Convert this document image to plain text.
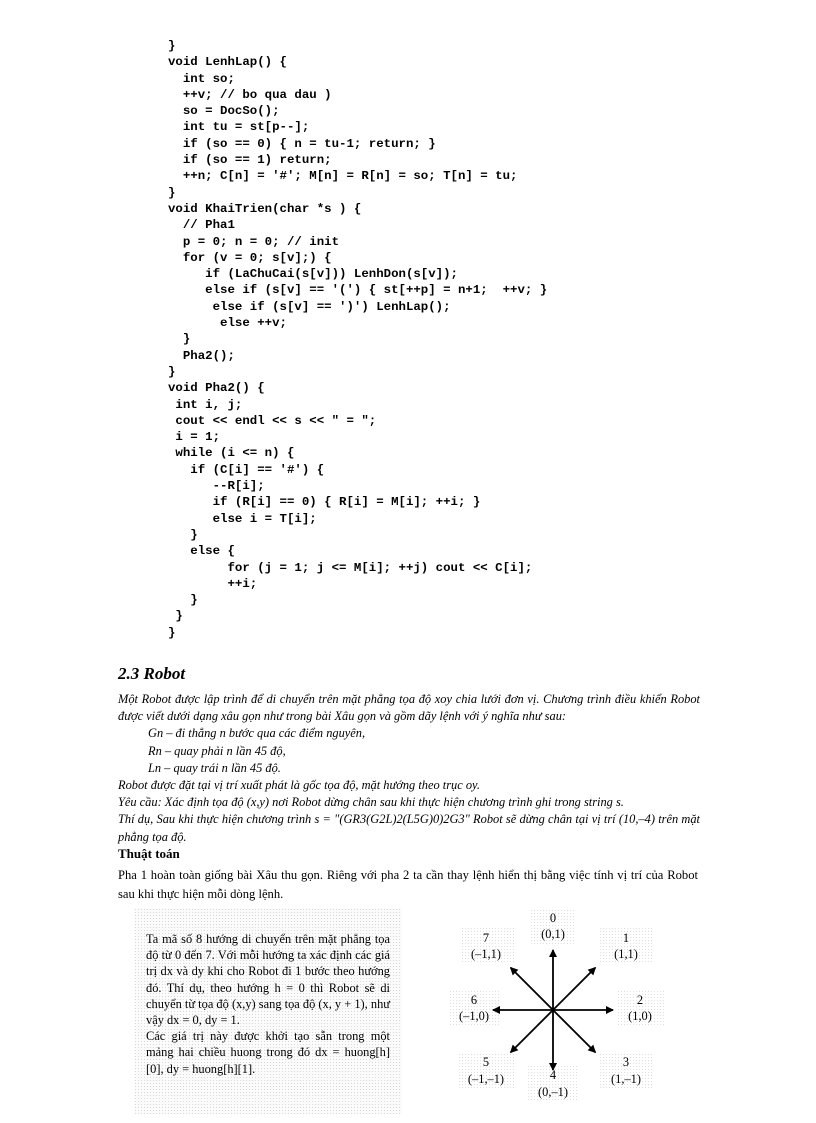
}
void LenhLap() {
int so;
++v; // bo qua dau )
so = DocSo();
int tu = st[p--];
if (so == 0) { n = tu-1; return; }
if (so == 1) return;
++n; C[n] = '#'; M[n] = R[n] = so; T[n] = tu;
}
void KhaiTrien(char *s ) {
// Pha1
p = 0; n = 0; // init
for (v = 0; s[v];) {
if (LaChuCai(s[v])) LenhDon(s[v]);
else if (s[v] == '(') { st[++p] = n+1;  ++v; }
else if (s[v] == ')') LenhLap();
else ++v;
}
Pha2();
}
void Pha2() {
int i, j;
cout << endl << s << " = ";
i = 1;
while (i <= n) {
if (C[i] == '#') {
--R[i];
if (R[i] == 0) { R[i] = M[i]; ++i; }
else i = T[i];
}
else {
for (j = 1; j <= M[i]; ++j) cout << C[i];
++i;
}
}
}
2.3 Robot

Một Robot được lập trình để di chuyển trên mặt phẳng tọa độ xoy chia lưới đơn vị. Chương trình điều khiển Robot được viết dưới dạng xâu gọn như trong bài Xâu gọn và gồm dãy lệnh với ý nghĩa như sau:

Gn – đi thẳng n bước qua các điểm nguyên,

Rn – quay phải n lần 45 độ,

Ln – quay trái n lần 45 độ.

Robot được đặt tại vị trí xuất phát là gốc tọa độ, mặt hướng theo trục oy.

Yêu cầu: Xác định tọa độ (x,y) nơi Robot dừng chân sau khi thực hiện chương trình ghi trong string s.

Thí dụ, Sau khi thực hiện chương trình s = "(GR3(G2L)2(L5G)0)2G3" Robot sẽ dừng chân tại vị trí (10,–4) trên mặt phẳng tọa độ.

Thuật toán
Pha 1 hoàn toàn giống bài Xâu thu gọn. Riêng với pha 2 ta cần thay lệnh hiển thị bằng việc tính vị trí của Robot sau khi thực hiện mỗi dòng lệnh.
Ta mã số 8 hướng di chuyển trên mặt phẳng tọa độ từ 0 đến 7. Với mỗi hướng ta xác định các giá trị dx và dy khi cho Robot đi 1 bước theo hướng đó. Thí dụ, theo hướng h = 0 thì Robot sẽ di chuyển từ tọa độ (x,y) sang tọa độ (x, y + 1), như vậy dx = 0, dy = 1.
Các giá trị này được khởi tạo sẵn trong một mảng hai chiều huong trong đó dx = huong[h][0], dy = huong[h][1].
0
(0,1)	1
(1,1)
2
(1,0)
3
(1,–1)
4
(0,–1)
5
(–1,–1)
6
(–1,0)
7
(–1,1)
